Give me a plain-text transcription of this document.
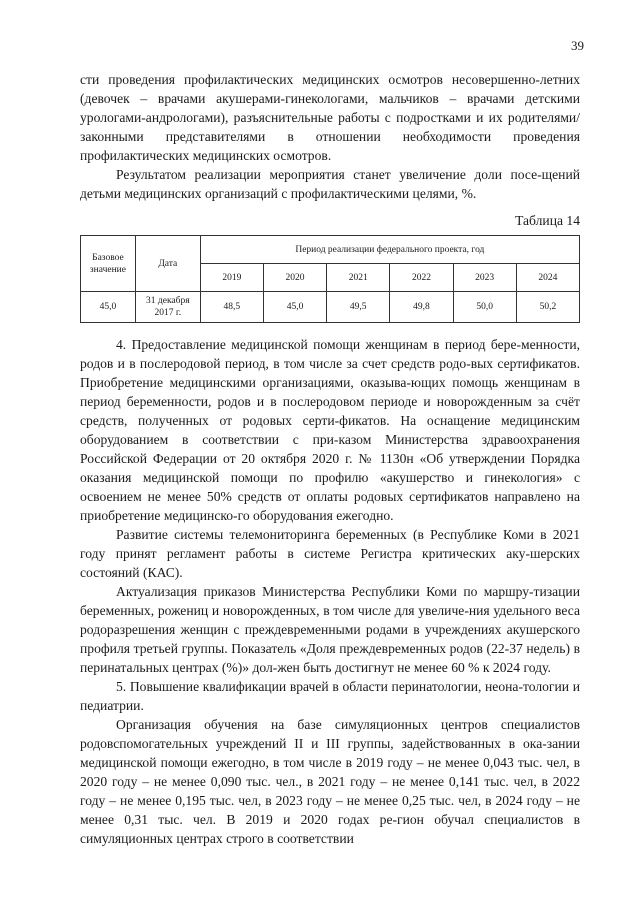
39

сти проведения профилактических медицинских осмотров несовершенно-летних (девочек – врачами акушерами-гинекологами, мальчиков – врачами детскими урологами-андрологами), разъяснительные работы с подростками и их родителями/законными представителями в отношении необходимости проведения профилактических медицинских осмотров.

Результатом реализации мероприятия станет увеличение доли посе-щений детьми медицинских организаций с профилактическими целями, %.

Таблица 14
Базовое значение	Дата	Период реализации федерального проекта, год					
		2019	2020	2021	2022	2023	2024
45,0	31 декабря 2017 г.	48,5	45,0	49,5	49,8	50,0	50,2

4. Предоставление медицинской помощи женщинам в период бере-менности, родов и в послеродовой период, в том числе за счет средств родо-вых сертификатов. Приобретение медицинскими организациями, оказыва-ющих помощь женщинам в период беременности, родов и в послеродовом периоде и новорожденным за счёт средств, полученных от родовых серти-фикатов. На оснащение медицинским оборудованием в соответствии с при-казом Министерства здравоохранения Российской Федерации от 20 октября 2020 г. № 1130н «Об утверждении Порядка оказания медицинской помощи по профилю «акушерство и гинекология» с освоением не менее 50% средств от оплаты родовых сертификатов направлено на приобретение медицинско-го оборудования ежегодно.

Развитие системы телемониторинга беременных (в Республике Коми в 2021 году принят регламент работы в системе Регистра критических аку-шерских состояний (КАС).

Актуализация приказов Министерства Республики Коми по маршру-тизации беременных, рожениц и новорожденных, в том числе для увеличе-ния удельного веса родоразрешения женщин с преждевременными родами в учреждениях акушерского профиля третьей группы. Показатель «Доля преждевременных родов (22-37 недель) в перинатальных центрах (%)» дол-жен быть достигнут не менее 60 % к 2024 году.

5. Повышение квалификации врачей в области перинатологии, неона-тологии и педиатрии.

Организация обучения на базе симуляционных центров специалистов родовспомогательных учреждений II и III группы, задействованных в ока-зании медицинской помощи ежегодно, в том числе в 2019 году – не менее 0,043 тыс. чел, в 2020 году – не менее 0,090 тыс. чел., в 2021 году – не менее 0,141 тыс. чел, в 2022 году – не менее 0,195 тыс. чел, в 2023 году – не менее 0,25 тыс. чел, в 2024 году – не менее 0,31 тыс. чел. В 2019 и 2020 годах ре-гион обучал специалистов в симуляционных центрах строго в соответствии
